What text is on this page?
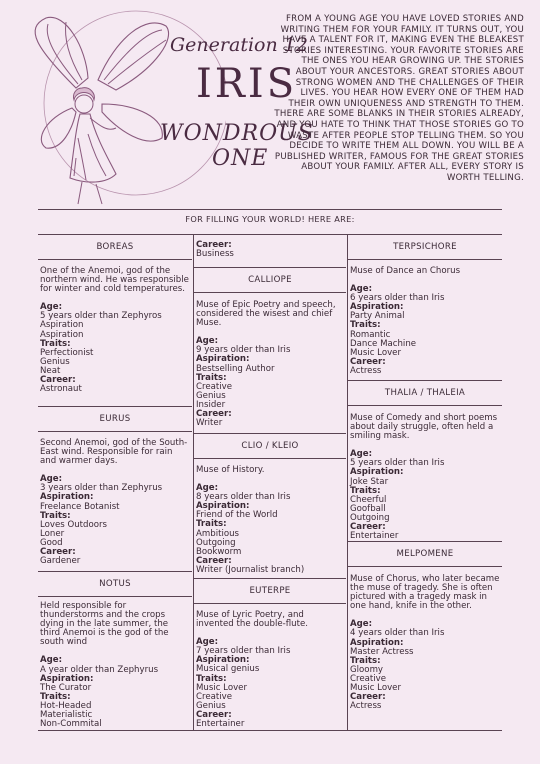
Generation 12
IRIS
WONDROUS
ONE
FROM A YOUNG AGE YOU HAVE LOVED STORIES AND WRITING THEM FOR YOUR FAMILY. IT TURNS OUT, YOU HAVE A TALENT FOR IT, MAKING EVEN THE BLEAKEST STORIES INTERESTING. YOUR FAVORITE STORIES ARE THE ONES YOU HEAR GROWING UP. THE STORIES ABOUT YOUR ANCESTORS. GREAT STORIES ABOUT STRONG WOMEN AND THE CHALLENGES OF THEIR LIVES. YOU HEAR HOW EVERY ONE OF THEM HAD THEIR OWN UNIQUENESS AND STRENGTH TO THEM. THERE ARE SOME BLANKS IN THEIR STORIES ALREADY, AND YOU HATE TO THINK THAT THOSE STORIES GO TO WASTE AFTER PEOPLE STOP TELLING THEM. SO YOU DECIDE TO WRITE THEM ALL DOWN. YOU WILL BE A PUBLISHED WRITER, FAMOUS FOR THE GREAT STORIES ABOUT YOUR FAMILY. AFTER ALL, EVERY STORY IS WORTH TELLING.
FOR FILLING YOUR WORLD! HERE ARE:
BOREAS
One of the Anemoi, god of the northern wind. He was responsible for winter and cold temperatures.
Age:
5 years older than Zephyros
Aspiration
Aspiration
Traits:
Perfectionist
Genius
Neat
Career:
Astronaut
EURUS
Second Anemoi, god of the South-East wind. Responsible for rain and warmer days.
Age:
3 years older than Zephyrus
Aspiration:
Freelance Botanist
Traits:
Loves Outdoors
Loner
Good
Career:
Gardener
NOTUS
Held responsible for thunderstorms and the crops dying in the late summer, the third Anemoi is the god of the south wind
Age:
A year older than Zephyrus
Aspiration:
The Curator
Traits:
Hot-Headed
Materialistic
Non-Commital
Career:
Business
CALLIOPE
Muse of Epic Poetry and speech, considered the wisest and chief Muse.
Age:
9 years older than Iris
Aspiration:
Bestselling Author
Traits:
Creative
Genius
Insider
Career:
Writer
CLIO / KLEIO
Muse of History.
Age:
8 years older than Iris
Aspiration:
Friend of the World
Traits:
Ambitious
Outgoing
Bookworm
Career:
Writer (Journalist branch)
EUTERPE
Muse of Lyric Poetry, and invented the double-flute.
Age:
7 years older than Iris
Aspiration:
Musical genius
Traits:
Music Lover
Creative
Genius
Career:
Entertainer
TERPSICHORE
Muse of Dance an Chorus
Age:
6 years older than Iris
Aspiration:
Party Animal
Traits:
Romantic
Dance Machine
Music Lover
Career:
Actress
THALIA / THALEIA
Muse of Comedy and short poems about daily struggle, often held a smiling mask.
Age:
5 years older than Iris
Aspiration:
Joke Star
Traits:
Cheerful
Goofball
Outgoing
Career:
Entertainer
MELPOMENE
Muse of Chorus, who later became the muse of tragedy. She is often pictured with a tragedy mask in one hand, knife in the other.
Age:
4 years older than Iris
Aspiration:
Master Actress
Traits:
Gloomy
Creative
Music Lover
Career:
Actress
